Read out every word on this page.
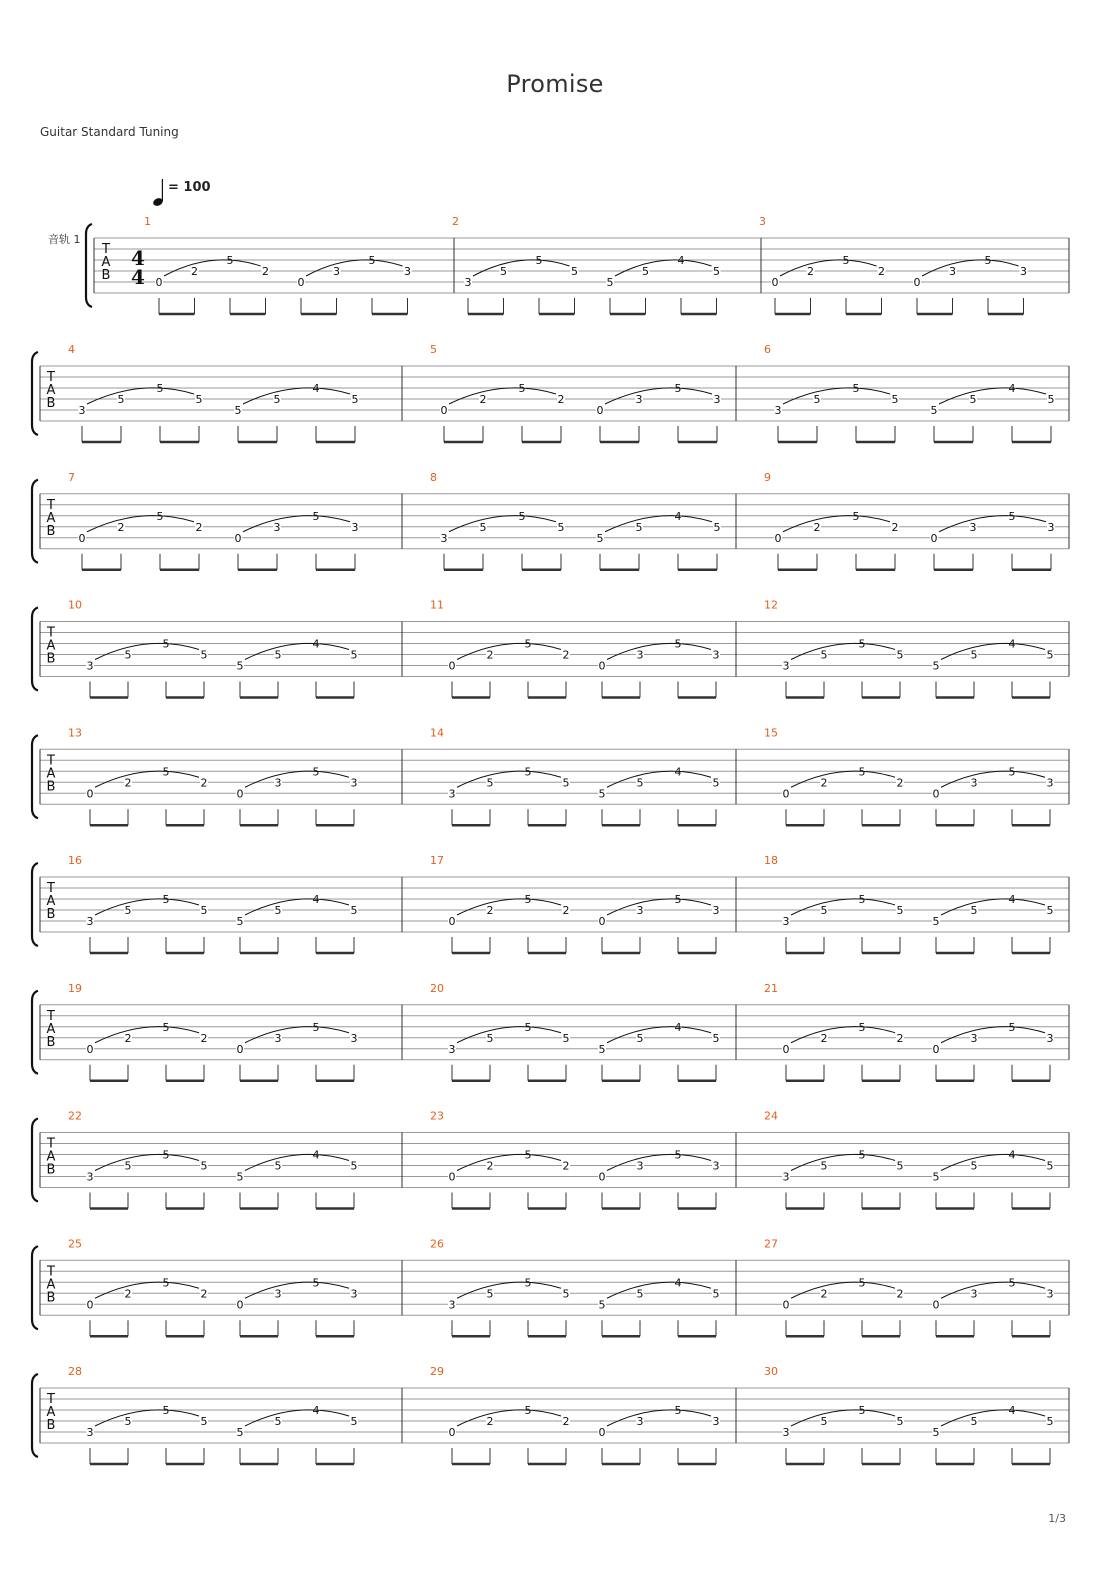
Promise
Guitar Standard Tuning
= 100
音轨 1
1/3
T
A
B
4
4
1
0
2
5
2
0
3
5
3
2
3
5
5
5
5
5
4
5
3
0
2
5
2
0
3
5
3
T
A
B
4
3
5
5
5
5
5
4
5
5
0
2
5
2
0
3
5
3
6
3
5
5
5
5
5
4
5
T
A
B
7
0
2
5
2
0
3
5
3
8
3
5
5
5
5
5
4
5
9
0
2
5
2
0
3
5
3
T
A
B
10
3
5
5
5
5
5
4
5
11
0
2
5
2
0
3
5
3
12
3
5
5
5
5
5
4
5
T
A
B
13
0
2
5
2
0
3
5
3
14
3
5
5
5
5
5
4
5
15
0
2
5
2
0
3
5
3
T
A
B
16
3
5
5
5
5
5
4
5
17
0
2
5
2
0
3
5
3
18
3
5
5
5
5
5
4
5
T
A
B
19
0
2
5
2
0
3
5
3
20
3
5
5
5
5
5
4
5
21
0
2
5
2
0
3
5
3
T
A
B
22
3
5
5
5
5
5
4
5
23
0
2
5
2
0
3
5
3
24
3
5
5
5
5
5
4
5
T
A
B
25
0
2
5
2
0
3
5
3
26
3
5
5
5
5
5
4
5
27
0
2
5
2
0
3
5
3
T
A
B
28
3
5
5
5
5
5
4
5
29
0
2
5
2
0
3
5
3
30
3
5
5
5
5
5
4
5
